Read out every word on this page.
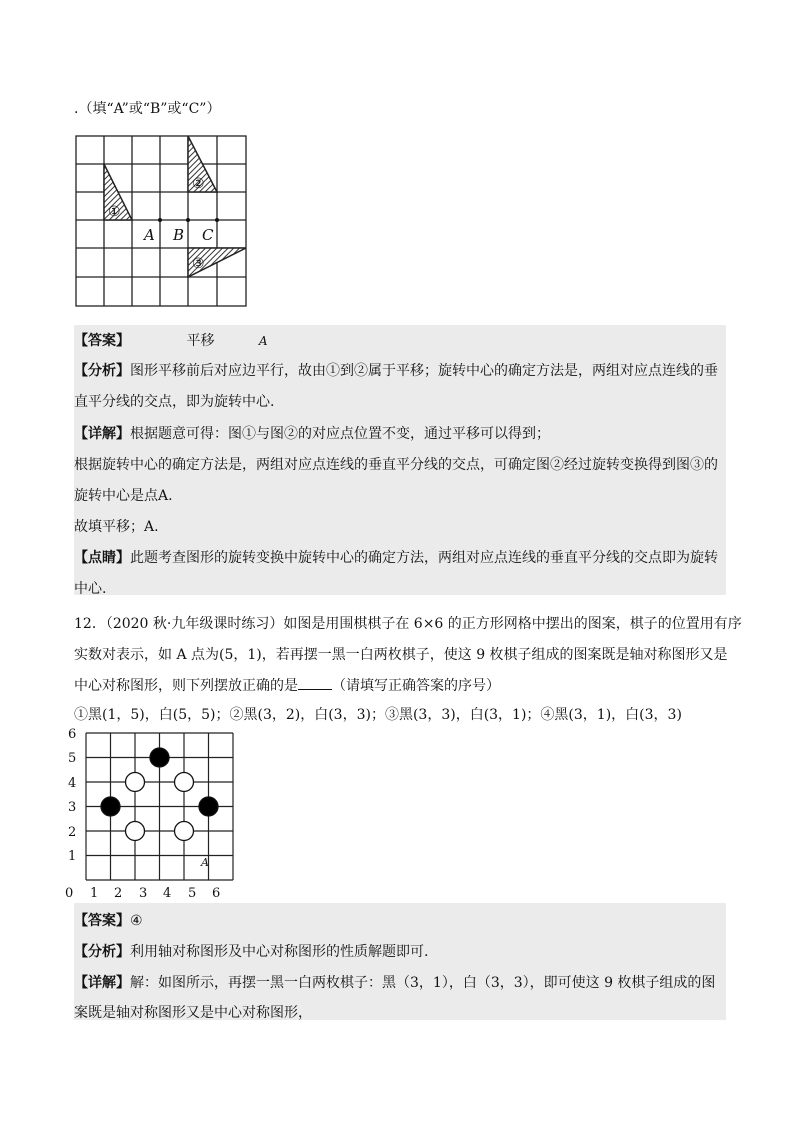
.（填“A”或“B”或“C”）
①
②
③
A B C
【答案】	平移	A
【分析】图形平移前后对应边平行，故由①到②属于平移；旋转中心的确定方法是，两组对应点连线的垂
直平分线的交点，即为旋转中心.
【详解】根据题意可得：图①与图②的对应点位置不变，通过平移可以得到；
根据旋转中心的确定方法是，两组对应点连线的垂直平分线的交点，可确定图②经过旋转变换得到图③的
旋转中心是点A.
故填平移；A.
【点睛】此题考查图形的旋转变换中旋转中心的确定方法，两组对应点连线的垂直平分线的交点即为旋转
中心.
12．（2020 秋·九年级课时练习）如图是用围棋棋子在 6×6 的正方形网格中摆出的图案，棋子的位置用有序
实数对表示，如 A 点为(5，1)，若再摆一黑一白两枚棋子，使这 9 枚棋子组成的图案既是轴对称图形又是
中心对称图形，则下列摆放正确的是 （请填写正确答案的序号）
①黑(1，5)，白(5，5)；②黑(3，2)，白(3，3)；③黑(3，3)，白(3，1)；④黑(3，1)，白(3，3)
6
5
4
3
2
1
0 1 2 3 4 5 6
A
【答案】④
【分析】利用轴对称图形及中心对称图形的性质解题即可.
【详解】解：如图所示，再摆一黑一白两枚棋子：黑（3，1），白（3，3），即可使这 9 枚棋子组成的图
案既是轴对称图形又是中心对称图形，
